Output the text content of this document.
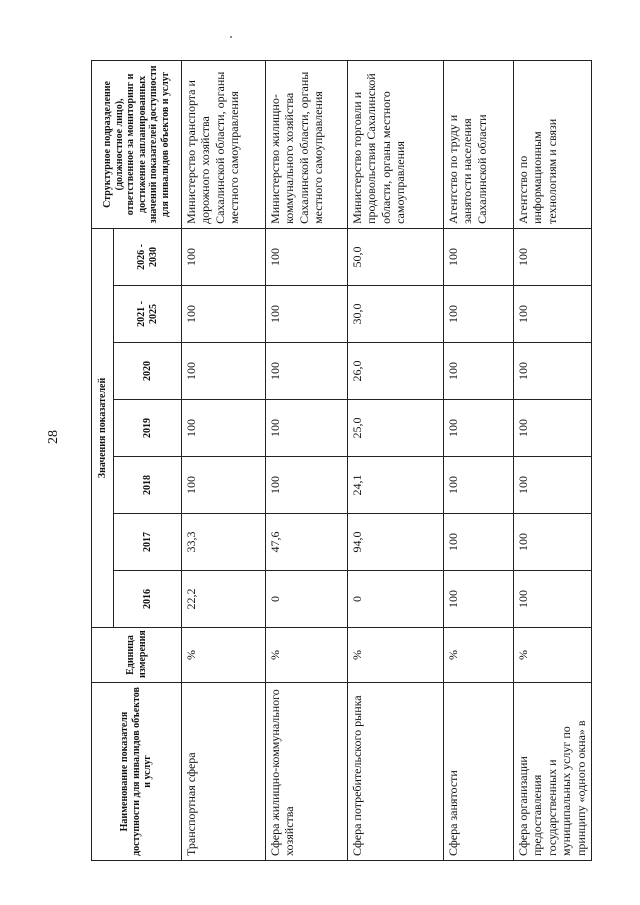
28
Наименование показателя доступности для инвалидов объектов и услуг	Единица измерения	Значения показателей							Структурное подразделение (должностное лицо), ответственное за мониторинг и достижение запланированных значений показателей доступности для инвалидов объектов и услуг
		2016	2017	2018	2019	2020	2021 - 2025	2026 - 2030	
Транспортная сфера	%	22,2	33,3	100	100	100	100	100	Министерство транспорта и дорожного хозяйства Сахалинской области, органы местного самоуправления
Сфера жилищно-коммунального хозяйства	%	0	47,6	100	100	100	100	100	Министерство жилищно-коммунального хозяйства Сахалинской области, органы местного самоуправления
Сфера потребительского рынка	%	0	94,0	24,1	25,0	26,0	30,0	50,0	Министерство торговли и продовольствия Сахалинской области, органы местного самоуправления
Сфера занятости	%	100	100	100	100	100	100	100	Агентство по труду и занятости населения Сахалинской области
Сфера организации предоставления государственных и муниципальных услуг по принципу «одного окна» в	%	100	100	100	100	100	100	100	Агентство по информационным технологиям и связи
